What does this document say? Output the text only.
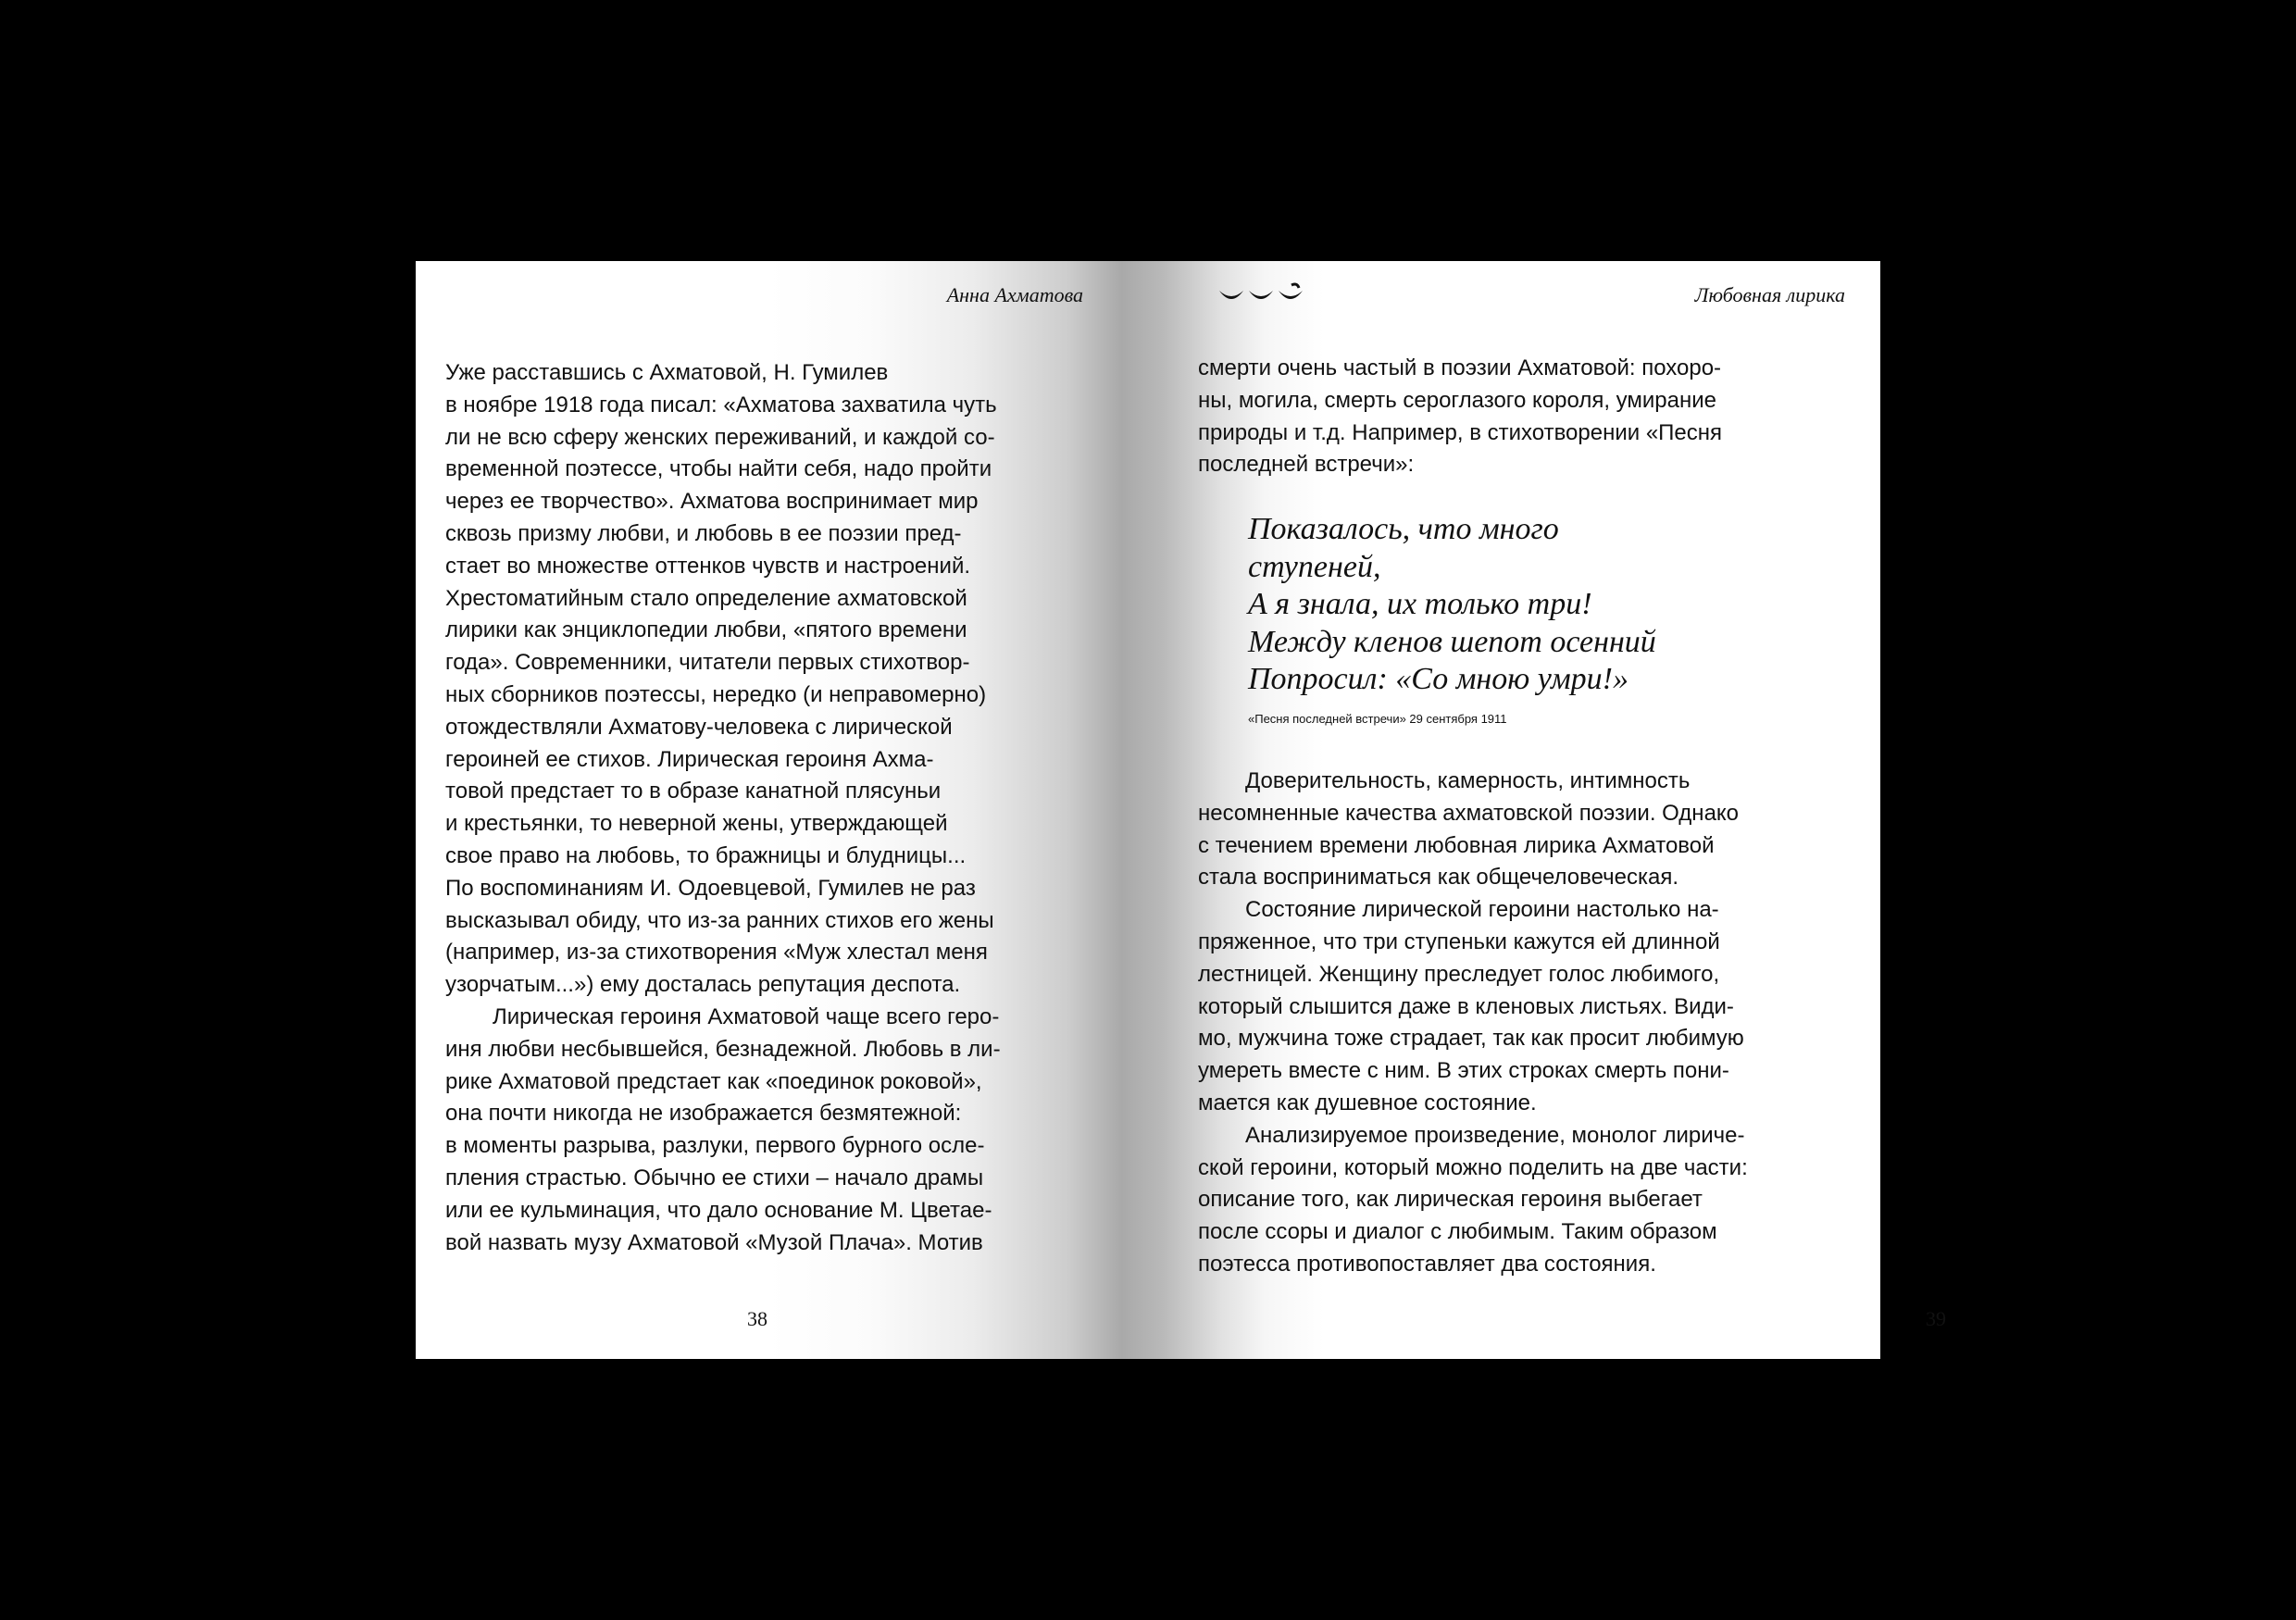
Анна Ахматова
Уже расставшись с Ахматовой, Н. Гумилев
в ноябре 1918 года писал: «Ахматова захватила чуть
ли не всю сферу женских переживаний, и каждой со-
временной поэтессе, чтобы найти себя, надо пройти
через ее творчество». Ахматова воспринимает мир
сквозь призму любви, и любовь в ее поэзии пред-
стает во множестве оттенков чувств и настроений.
Хрестоматийным стало определение ахматовской
лирики как энциклопедии любви, «пятого времени
года». Современники, читатели первых стихотвор-
ных сборников поэтессы, нередко (и неправомерно)
отождествляли Ахматову-человека с лирической
героиней ее стихов. Лирическая героиня Ахма-
товой предстает то в образе канатной плясуньи
и крестьянки, то неверной жены, утверждающей
свое право на любовь, то бражницы и блудницы...
По воспоминаниям И. Одоевцевой, Гумилев не раз
высказывал обиду, что из-за ранних стихов его жены
(например, из-за стихотворения «Муж хлестал меня
узорчатым...») ему досталась репутация деспота.
Лирическая героиня Ахматовой чаще всего геро-
иня любви несбывшейся, безнадежной. Любовь в ли-
рике Ахматовой предстает как «поединок роковой»,
она почти никогда не изображается безмятежной:
в моменты разрыва, разлуки, первого бурного осле-
пления страстью. Обычно ее стихи – начало драмы
или ее кульминация, что дало основание М. Цветае-
вой назвать музу Ахматовой «Музой Плача». Мотив
38
Любовная лирика
смерти очень частый в поэзии Ахматовой: похоро-
ны, могила, смерть сероглазого короля, умирание
природы и т.д. Например, в стихотворении «Песня
последней встречи»:
Показалось, что много
ступеней,
А я знала, их только три!
Между кленов шепот осенний
Попросил: «Со мною умри!»
«Песня последней встречи» 29 сентября 1911
Доверительность, камерность, интимность
несомненные качества ахматовской поэзии. Однако
с течением времени любовная лирика Ахматовой
стала восприниматься как общечеловеческая.
Состояние лирической героини настолько на-
пряженное, что три ступеньки кажутся ей длинной
лестницей. Женщину преследует голос любимого,
который слышится даже в кленовых листьях. Види-
мо, мужчина тоже страдает, так как просит любимую
умереть вместе с ним. В этих строках смерть пони-
мается как душевное состояние.
Анализируемое произведение, монолог лириче-
ской героини, который можно поделить на две части:
описание того, как лирическая героиня выбегает
после ссоры и диалог с любимым. Таким образом
поэтесса противопоставляет два состояния.
39
